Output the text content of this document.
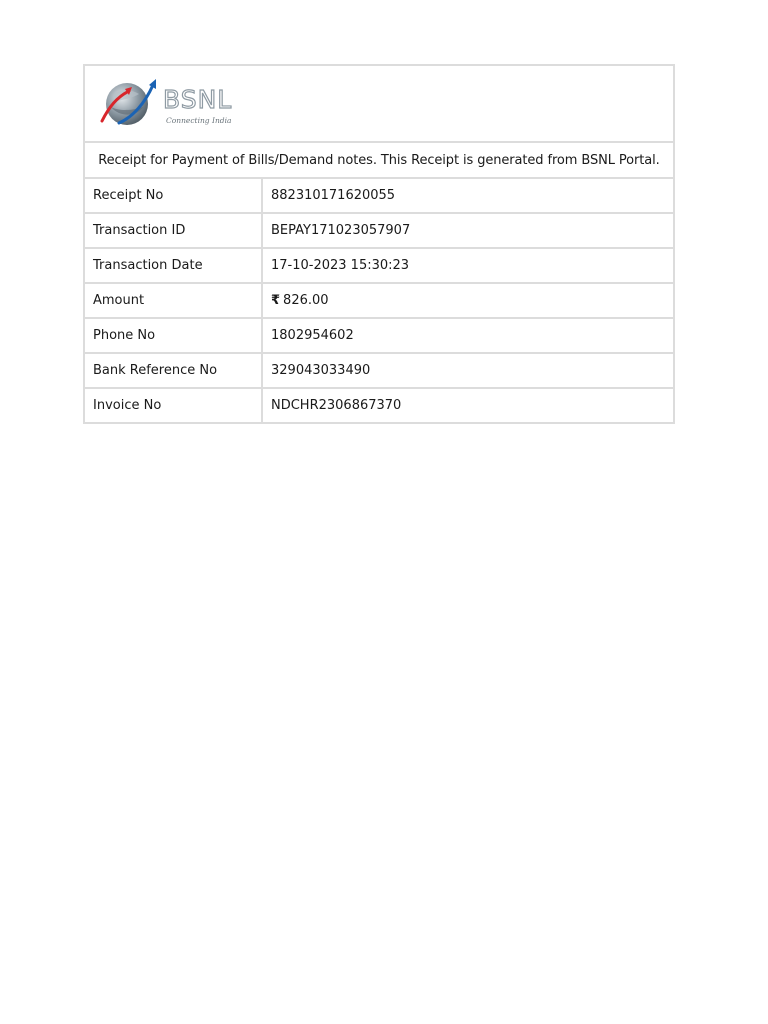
BSNL
Connecting India
Receipt for Payment of Bills/Demand notes. This Receipt is generated from BSNL Portal.
Receipt No	882310171620055
Transaction ID	BEPAY171023057907
Transaction Date	17-10-2023 15:30:23
Amount	₹ 826.00
Phone No	1802954602
Bank Reference No	329043033490
Invoice No	NDCHR2306867370
